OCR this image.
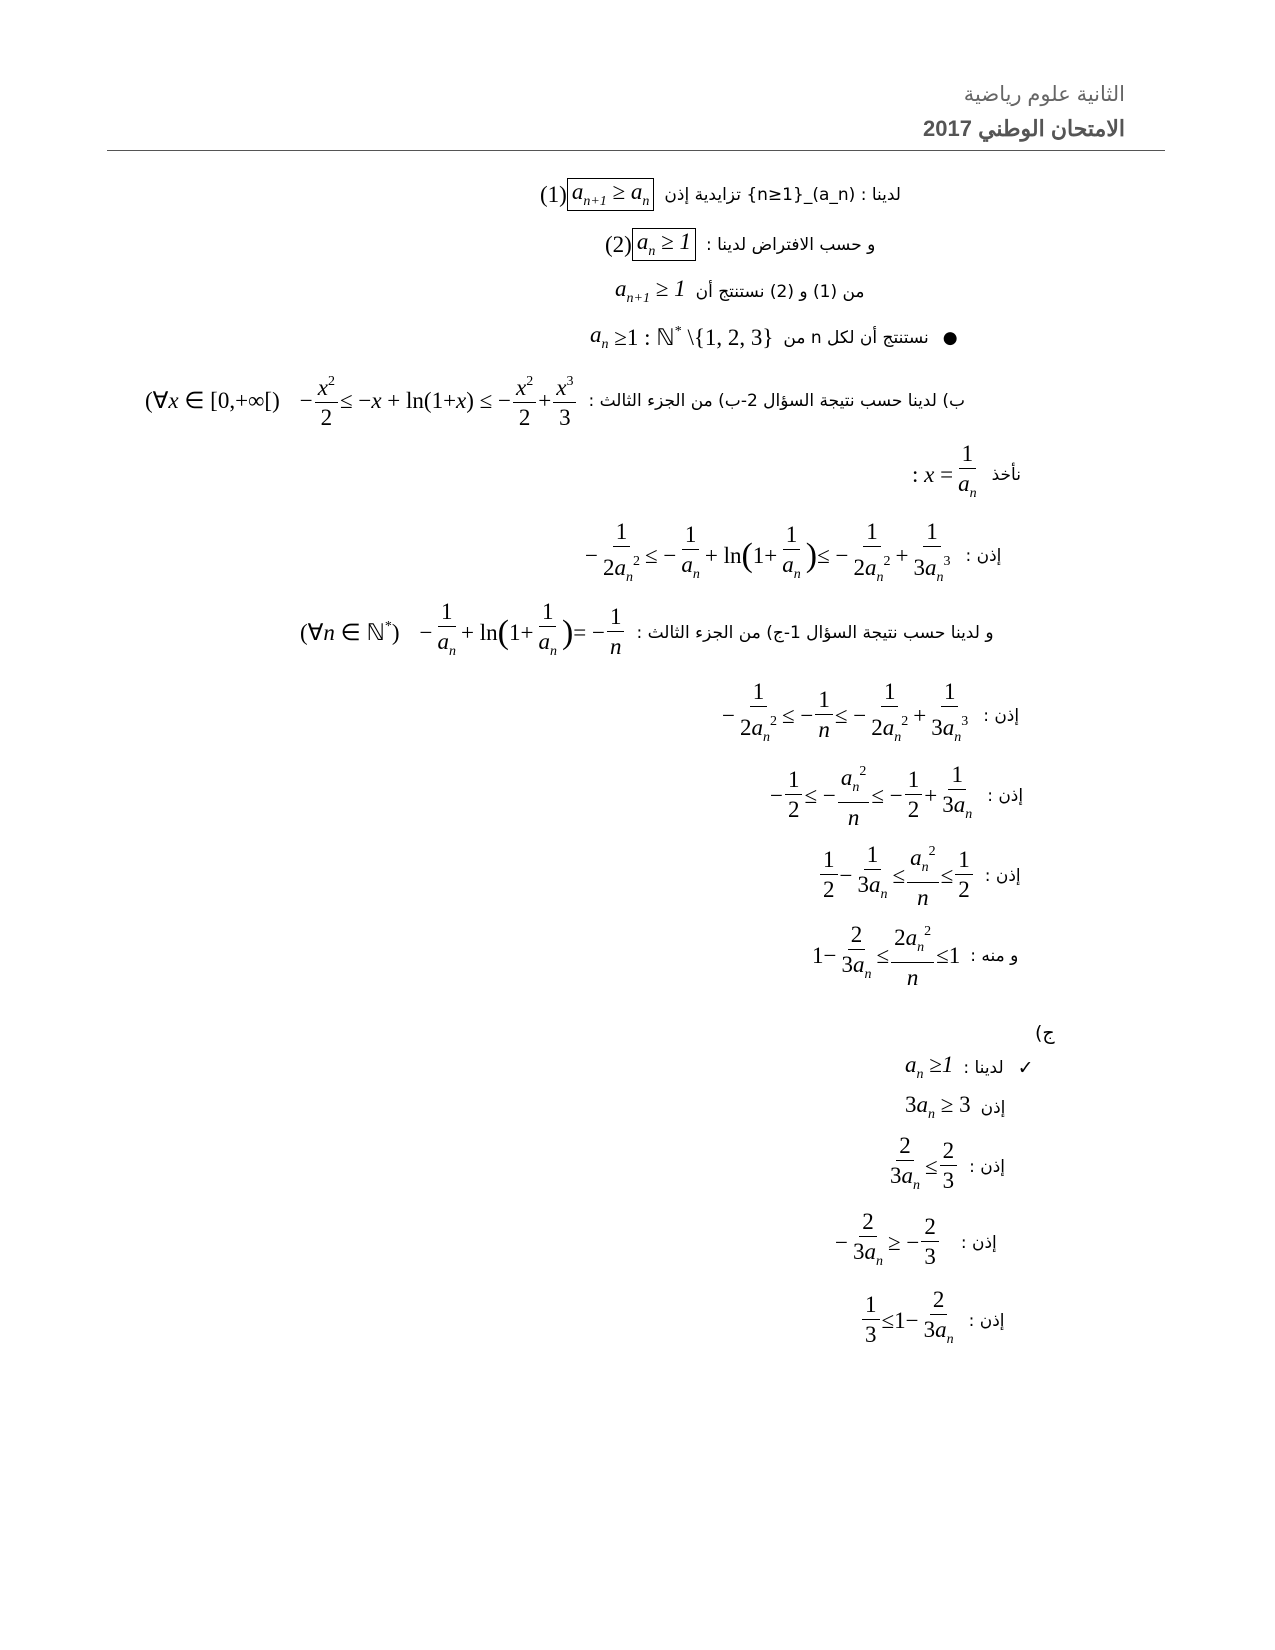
الثانية علوم رياضية
الامتحان الوطني 2017
(1) $a_{n+1} \ge a_n$ لدينا : (a_n)_{n≥1} تزايدية إذن
(2) $a_n \ge 1$ و حسب الافتراض لدينا :
$a_{n+1} \ge 1$ من (1) و (2) نستنتج أن
$a_n \ge 1$ : ℕ* \{1, 2, 3} نستنتج أن لكل n من ●
(∀x ∈ [$0,+\infty[) - \frac{x^2}{2} \le -x + \ln(1+x)$ ≤ − $\frac{x^2}{2} + \frac{x^3}{3}$ ب) لدينا حسب نتيجة السؤال 2-ب) من الجزء الثالث :
: $x = \frac{1}{a_n}$ نأخذ
− $\frac{1}{2a_n^2}$ ≤ − $\frac{1}{a_n} + \ln$ ( $1+ \frac{1}{a_n}$ ) ≤ − $\frac{1}{2a_n^2} + \frac{1}{3a_n^3}$ إذن :
(∀n ∈ ℕ*) − $\frac{1}{a_n} + \ln$ ( $1+ \frac{1}{a_n}$ ) = − $\frac{1}{n}$ و لدينا حسب نتيجة السؤال 1-ج) من الجزء الثالث :
− $\frac{1}{2a_n^2}$ ≤ − $\frac{1}{n}$ ≤ − $\frac{1}{2a_n^2} + \frac{1}{3a_n^3}$ إذن :
− $\frac{1}{2}$ ≤ − $\frac{a_n^2}{n}$ ≤ − $\frac{1}{2} + \frac{1}{3a_n}$ إذن :
$\frac{1}{2} - \frac{1}{3a_n} \le \frac{a_n^2}{n} \le \frac{1}{2}$ إذن :
$1- \frac{2}{3a_n} \le \frac{2a_n^2}{n} \le 1$ و منه :
ج)
$a_n \ge 1$ لدينا : ✓
$3a_n \ge 3$ إذن
$\frac{2}{3a_n} \le \frac{2}{3}$ إذن :
− $\frac{2}{3a_n}$ ≥ − $\frac{2}{3}$ إذن :
$\frac{1}{3} \le 1- \frac{2}{3a_n}$ إذن :
